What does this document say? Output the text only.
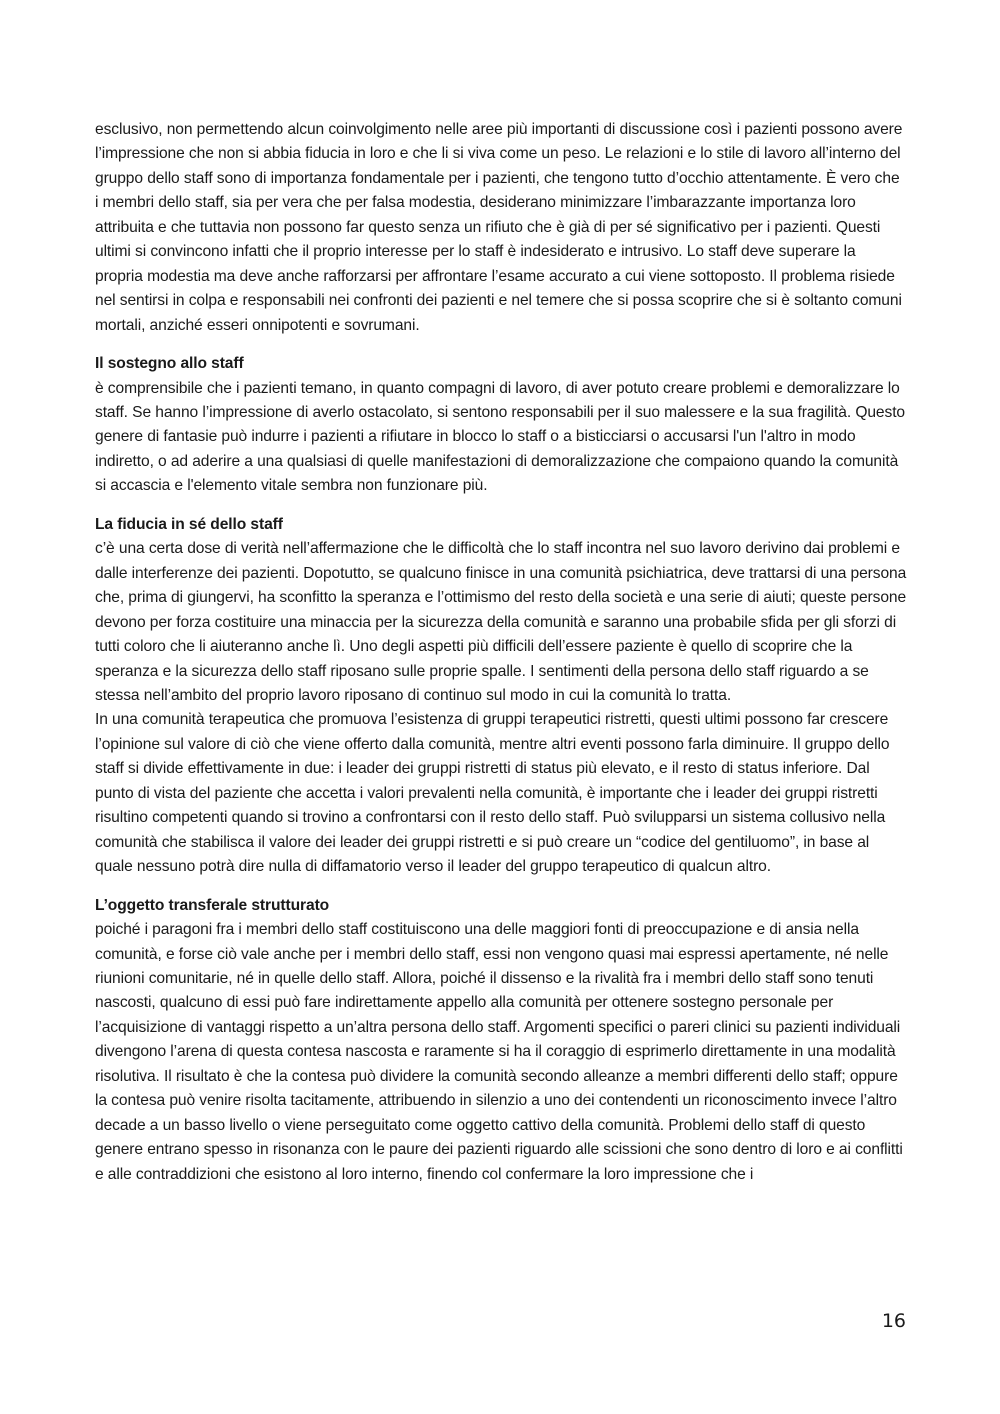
esclusivo, non permettendo alcun coinvolgimento nelle aree più importanti di discussione così i pazienti possono avere l’impressione che non si abbia fiducia in loro e che li si viva come un peso. Le relazioni e lo stile di lavoro all’interno del gruppo dello staff sono di importanza fondamentale per i pazienti, che tengono tutto d’occhio attentamente. È vero che i membri dello staff, sia per vera che per falsa modestia, desiderano minimizzare l’imbarazzante importanza loro attribuita e che tuttavia non possono far questo senza un rifiuto che è già di per sé significativo per i pazienti. Questi ultimi si convincono infatti che il proprio interesse per lo staff è indesiderato e intrusivo. Lo staff deve superare la propria modestia ma deve anche rafforzarsi per affrontare l’esame accurato a cui viene sottoposto. Il problema risiede nel sentirsi in colpa e responsabili nei confronti dei pazienti e nel temere che si possa scoprire che si è soltanto comuni mortali, anziché esseri onnipotenti e sovrumani.

Il sostegno allo staff

è comprensibile che i pazienti temano, in quanto compagni di lavoro, di aver potuto creare problemi e demoralizzare lo staff. Se hanno l’impressione di averlo ostacolato, si sentono responsabili per il suo malessere e la sua fragilità. Questo genere di fantasie può indurre i pazienti a rifiutare in blocco lo staff o a bisticciarsi o accusarsi l'un l'altro in modo indiretto, o ad aderire a una qualsiasi di quelle manifestazioni di demoralizzazione che compaiono quando la comunità si accascia e l'elemento vitale sembra non funzionare più.

La fiducia in sé dello staff

c’è una certa dose di verità nell’affermazione che le difficoltà che lo staff incontra nel suo lavoro derivino dai problemi e dalle interferenze dei pazienti. Dopotutto, se qualcuno finisce in una comunità psichiatrica, deve trattarsi di una persona che, prima di giungervi, ha sconfitto la speranza e l’ottimismo del resto della società e una serie di aiuti; queste persone devono per forza costituire una minaccia per la sicurezza della comunità e saranno una probabile sfida per gli sforzi di tutti coloro che li aiuteranno anche lì. Uno degli aspetti più difficili dell’essere paziente è quello di scoprire che la speranza e la sicurezza dello staff riposano sulle proprie spalle. I sentimenti della persona dello staff riguardo a se stessa nell’ambito del proprio lavoro riposano di continuo sul modo in cui la comunità lo tratta.

In una comunità terapeutica che promuova l’esistenza di gruppi terapeutici ristretti, questi ultimi possono far crescere l’opinione sul valore di ciò che viene offerto dalla comunità, mentre altri eventi possono farla diminuire. Il gruppo dello staff si divide effettivamente in due: i leader dei gruppi ristretti di status più elevato, e il resto di status inferiore. Dal punto di vista del paziente che accetta i valori prevalenti nella comunità, è importante che i leader dei gruppi ristretti risultino competenti quando si trovino a confrontarsi con il resto dello staff. Può svilupparsi un sistema collusivo nella comunità che stabilisca il valore dei leader dei gruppi ristretti e si può creare un “codice del gentiluomo”, in base al quale nessuno potrà dire nulla di diffamatorio verso il leader del gruppo terapeutico di qualcun altro.

L’oggetto transferale strutturato

poiché i paragoni fra i membri dello staff costituiscono una delle maggiori fonti di preoccupazione e di ansia nella comunità, e forse ciò vale anche per i membri dello staff, essi non vengono quasi mai espressi apertamente, né nelle riunioni comunitarie, né in quelle dello staff. Allora, poiché il dissenso e la rivalità fra i membri dello staff sono tenuti nascosti, qualcuno di essi può fare indirettamente appello alla comunità per ottenere sostegno personale per l’acquisizione di vantaggi rispetto a un’altra persona dello staff. Argomenti specifici o pareri clinici su pazienti individuali divengono l’arena di questa contesa nascosta e raramente si ha il coraggio di esprimerlo direttamente in una modalità risolutiva. Il risultato è che la contesa può dividere la comunità secondo alleanze a membri differenti dello staff; oppure la contesa può venire risolta tacitamente, attribuendo in silenzio a uno dei contendenti un riconoscimento invece l’altro decade a un basso livello o viene perseguitato come oggetto cattivo della comunità. Problemi dello staff di questo genere entrano spesso in risonanza con le paure dei pazienti riguardo alle scissioni che sono dentro di loro e ai conflitti e alle contraddizioni che esistono al loro interno, finendo col confermare la loro impressione che i

16
